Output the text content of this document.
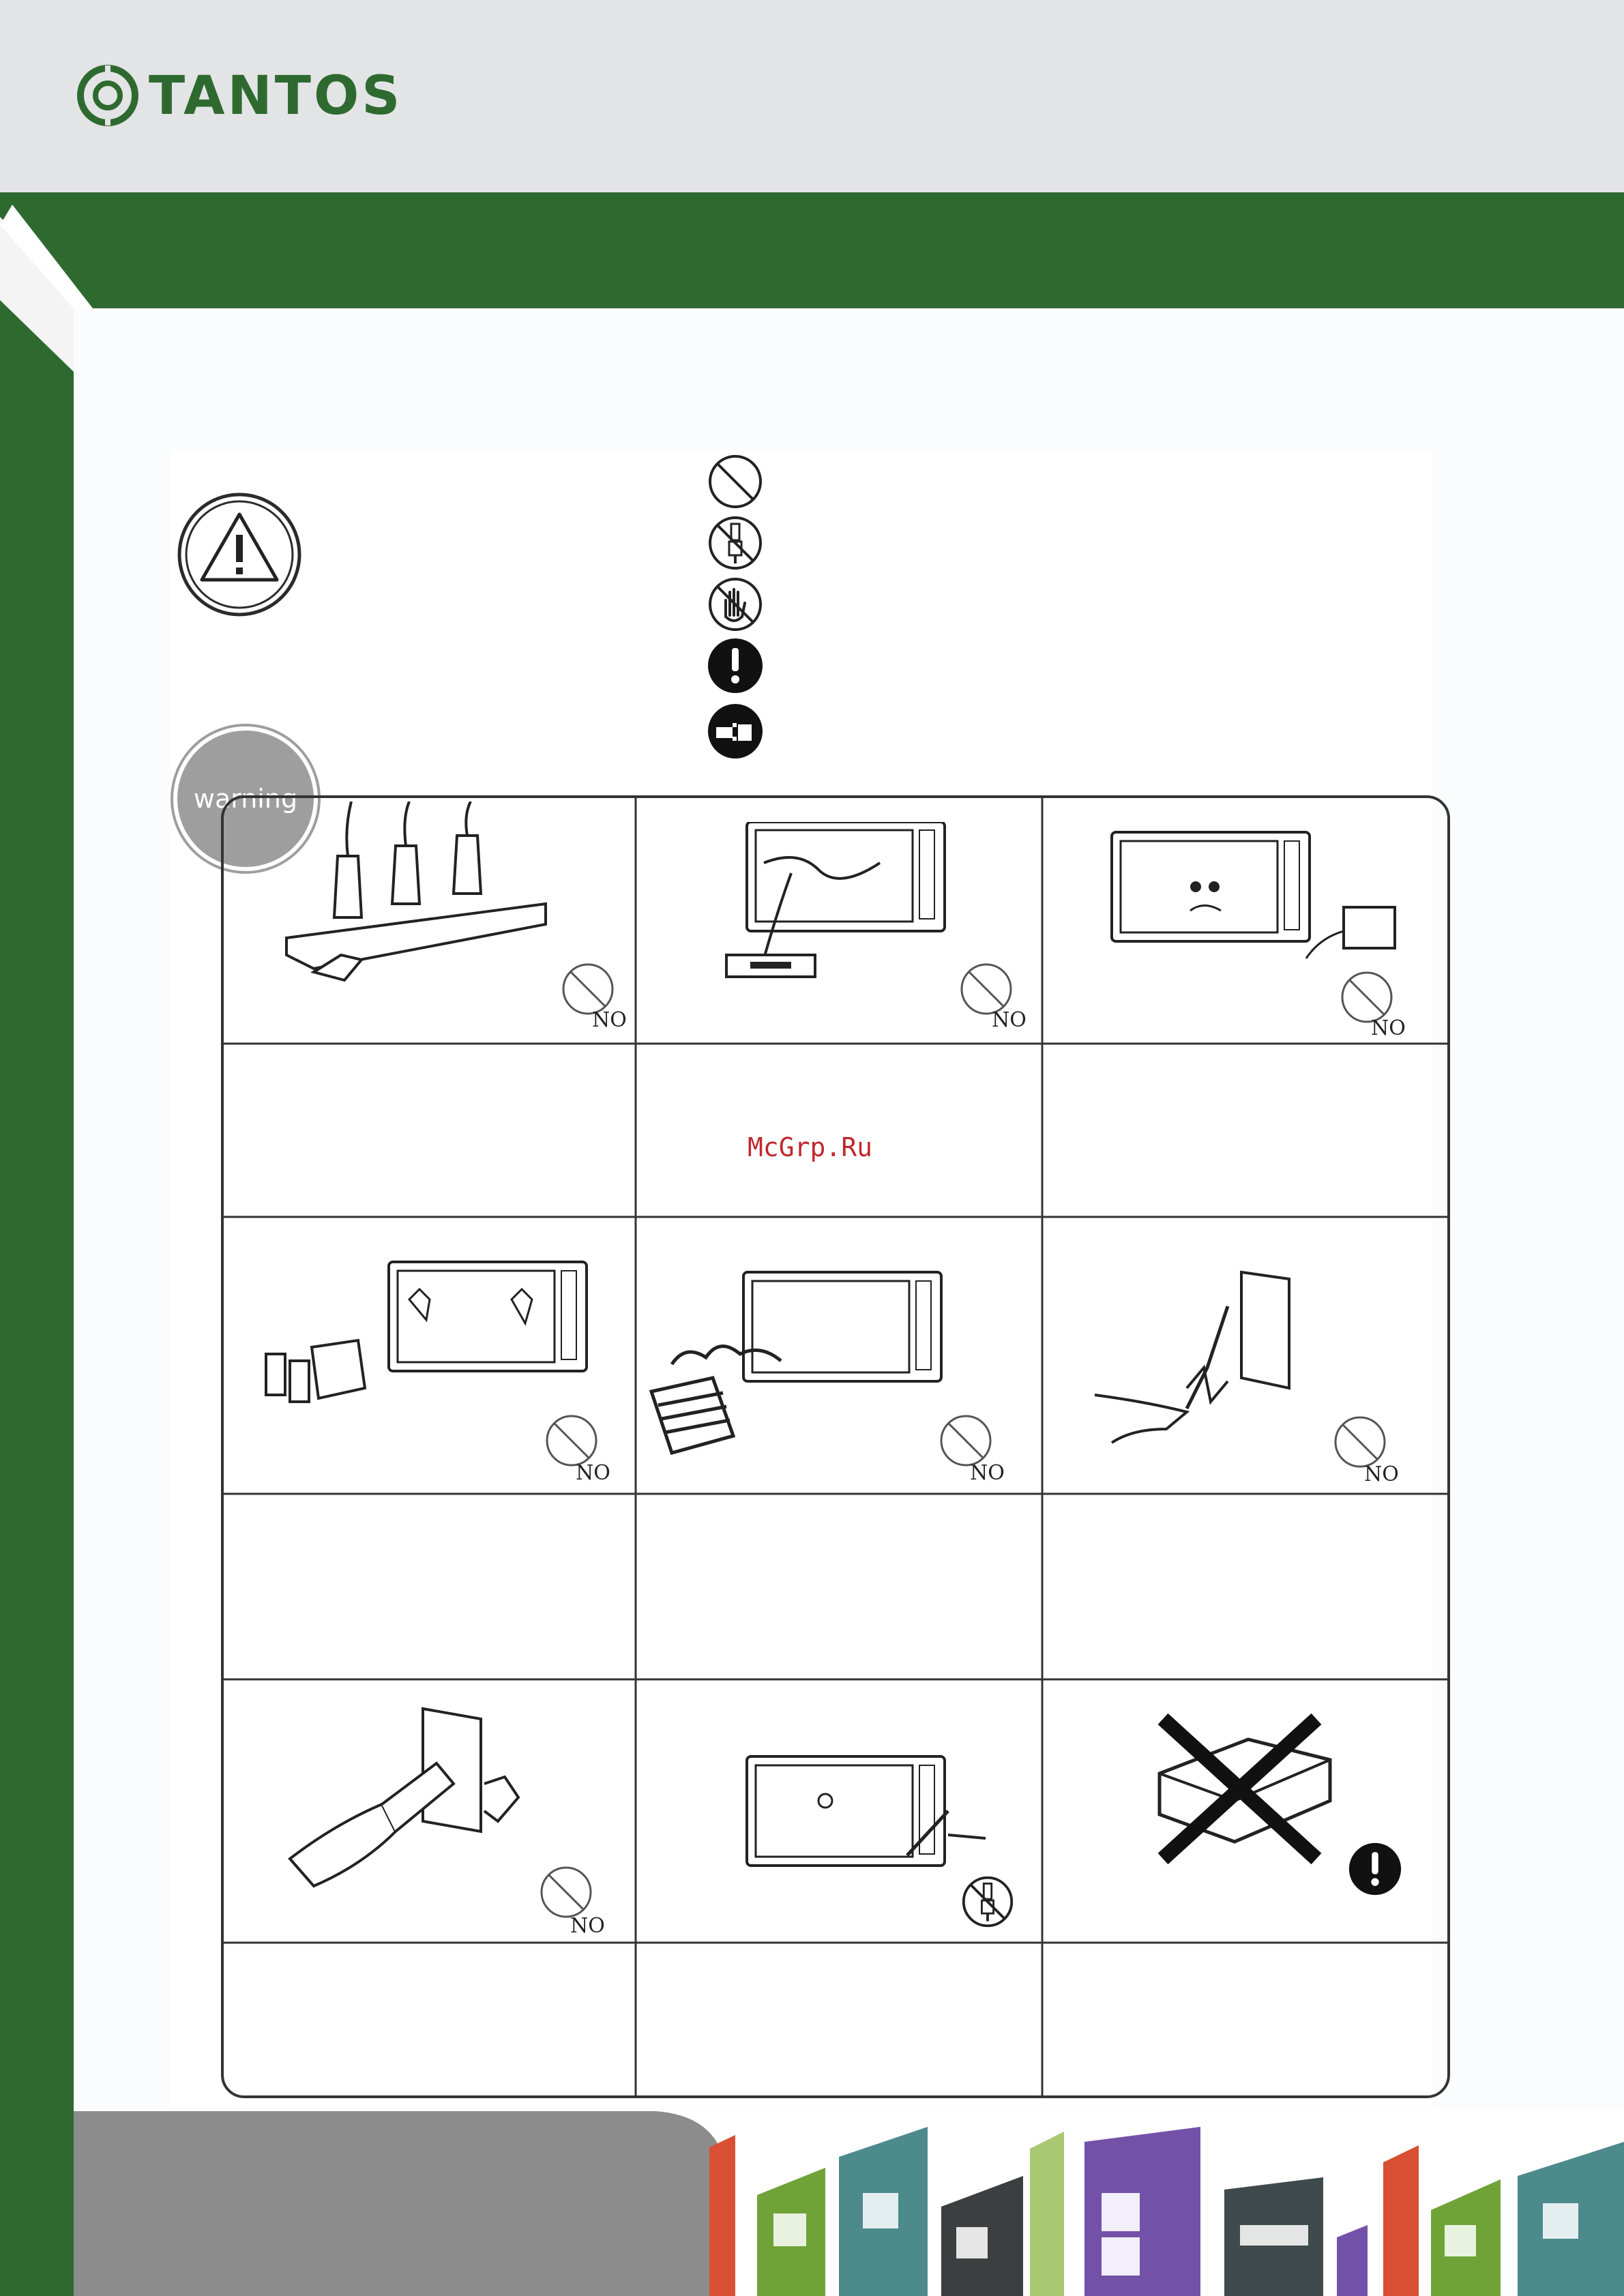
TANTOS
warning
NO	NO	NO
NO	NO	NO
NO
McGrp.Ru
